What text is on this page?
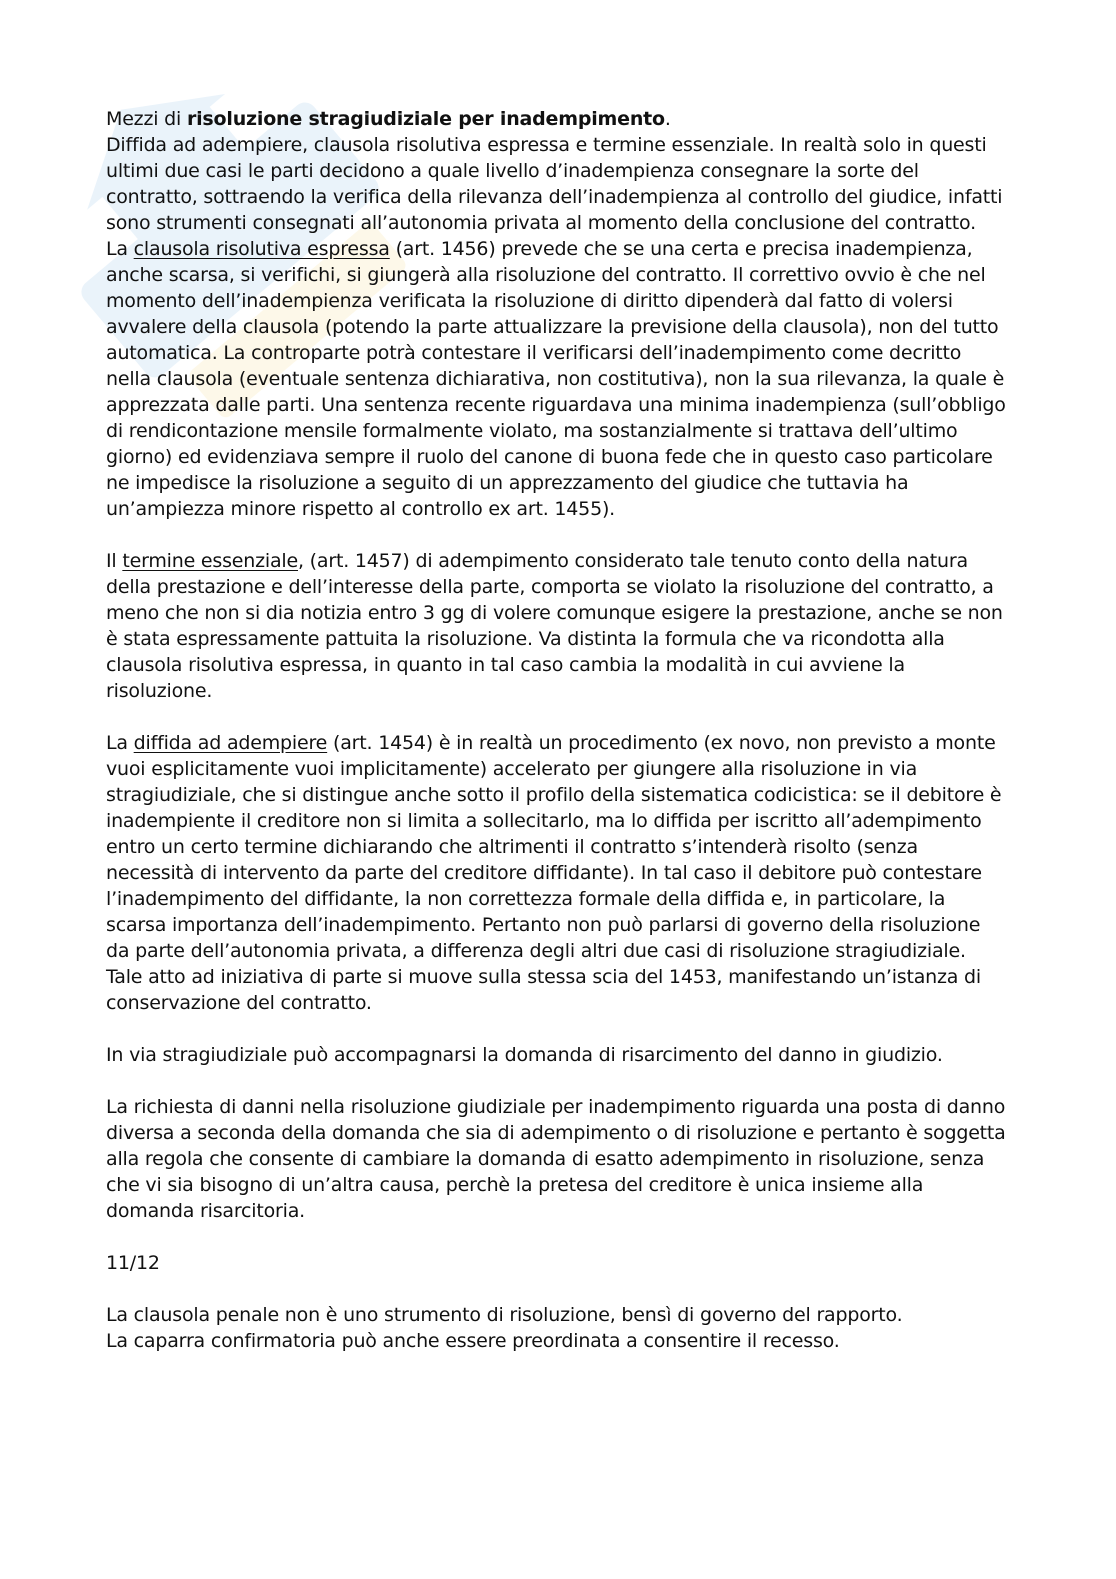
Mezzi di risoluzione stragiudiziale per inadempimento.

Diffida ad adempiere, clausola risolutiva espressa e termine essenziale. In realtà solo in questi ultimi due casi le parti decidono a quale livello d’inadempienza consegnare la sorte del contratto, sottraendo la verifica della rilevanza dell’inadempienza al controllo del giudice, infatti sono strumenti consegnati all’autonomia privata al momento della conclusione del contratto.

La clausola risolutiva espressa (art. 1456) prevede che se una certa e precisa inadempienza, anche scarsa, si verifichi, si giungerà alla risoluzione del contratto. Il correttivo ovvio è che nel momento dell’inadempienza verificata la risoluzione di diritto dipenderà dal fatto di volersi avvalere della clausola (potendo la parte attualizzare la previsione della clausola), non del tutto automatica. La controparte potrà contestare il verificarsi dell’inadempimento come decritto nella clausola (eventuale sentenza dichiarativa, non costitutiva), non la sua rilevanza, la quale è apprezzata dalle parti. Una sentenza recente riguardava una minima inadempienza (sull’obbligo di rendicontazione mensile formalmente violato, ma sostanzialmente si trattava dell’ultimo giorno) ed evidenziava sempre il ruolo del canone di buona fede che in questo caso particolare ne impedisce la risoluzione a seguito di un apprezzamento del giudice che tuttavia ha un’ampiezza minore rispetto al controllo ex art. 1455).

Il termine essenziale, (art. 1457) di adempimento considerato tale tenuto conto della natura della prestazione e dell’interesse della parte, comporta se violato la risoluzione del contratto, a meno che non si dia notizia entro 3 gg di volere comunque esigere la prestazione, anche se non è stata espressamente pattuita la risoluzione. Va distinta la formula che va ricondotta alla clausola risolutiva espressa, in quanto in tal caso cambia la modalità in cui avviene la risoluzione.

La diffida ad adempiere (art. 1454) è in realtà un procedimento (ex novo, non previsto a monte vuoi esplicitamente vuoi implicitamente) accelerato per giungere alla risoluzione in via stragiudiziale, che si distingue anche sotto il profilo della sistematica codicistica: se il debitore è inadempiente il creditore non si limita a sollecitarlo, ma lo diffida per iscritto all’adempimento entro un certo termine dichiarando che altrimenti il contratto s’intenderà risolto (senza necessità di intervento da parte del creditore diffidante). In tal caso il debitore può contestare l’inadempimento del diffidante, la non correttezza formale della diffida e, in particolare, la scarsa importanza dell’inadempimento. Pertanto non può parlarsi di governo della risoluzione da parte dell’autonomia privata, a differenza degli altri due casi di risoluzione stragiudiziale. Tale atto ad iniziativa di parte si muove sulla stessa scia del 1453, manifestando un’istanza di conservazione del contratto.

In via stragiudiziale può accompagnarsi la domanda di risarcimento del danno in giudizio.

La richiesta di danni nella risoluzione giudiziale per inadempimento riguarda una posta di danno diversa a seconda della domanda che sia di adempimento o di risoluzione e pertanto è soggetta alla regola che consente di cambiare la domanda di esatto adempimento in risoluzione, senza che vi sia bisogno di un’altra causa, perchè la pretesa del creditore è unica insieme alla domanda risarcitoria.

11/12

La clausola penale non è uno strumento di risoluzione, bensì di governo del rapporto.

La caparra confirmatoria può anche essere preordinata a consentire il recesso.
